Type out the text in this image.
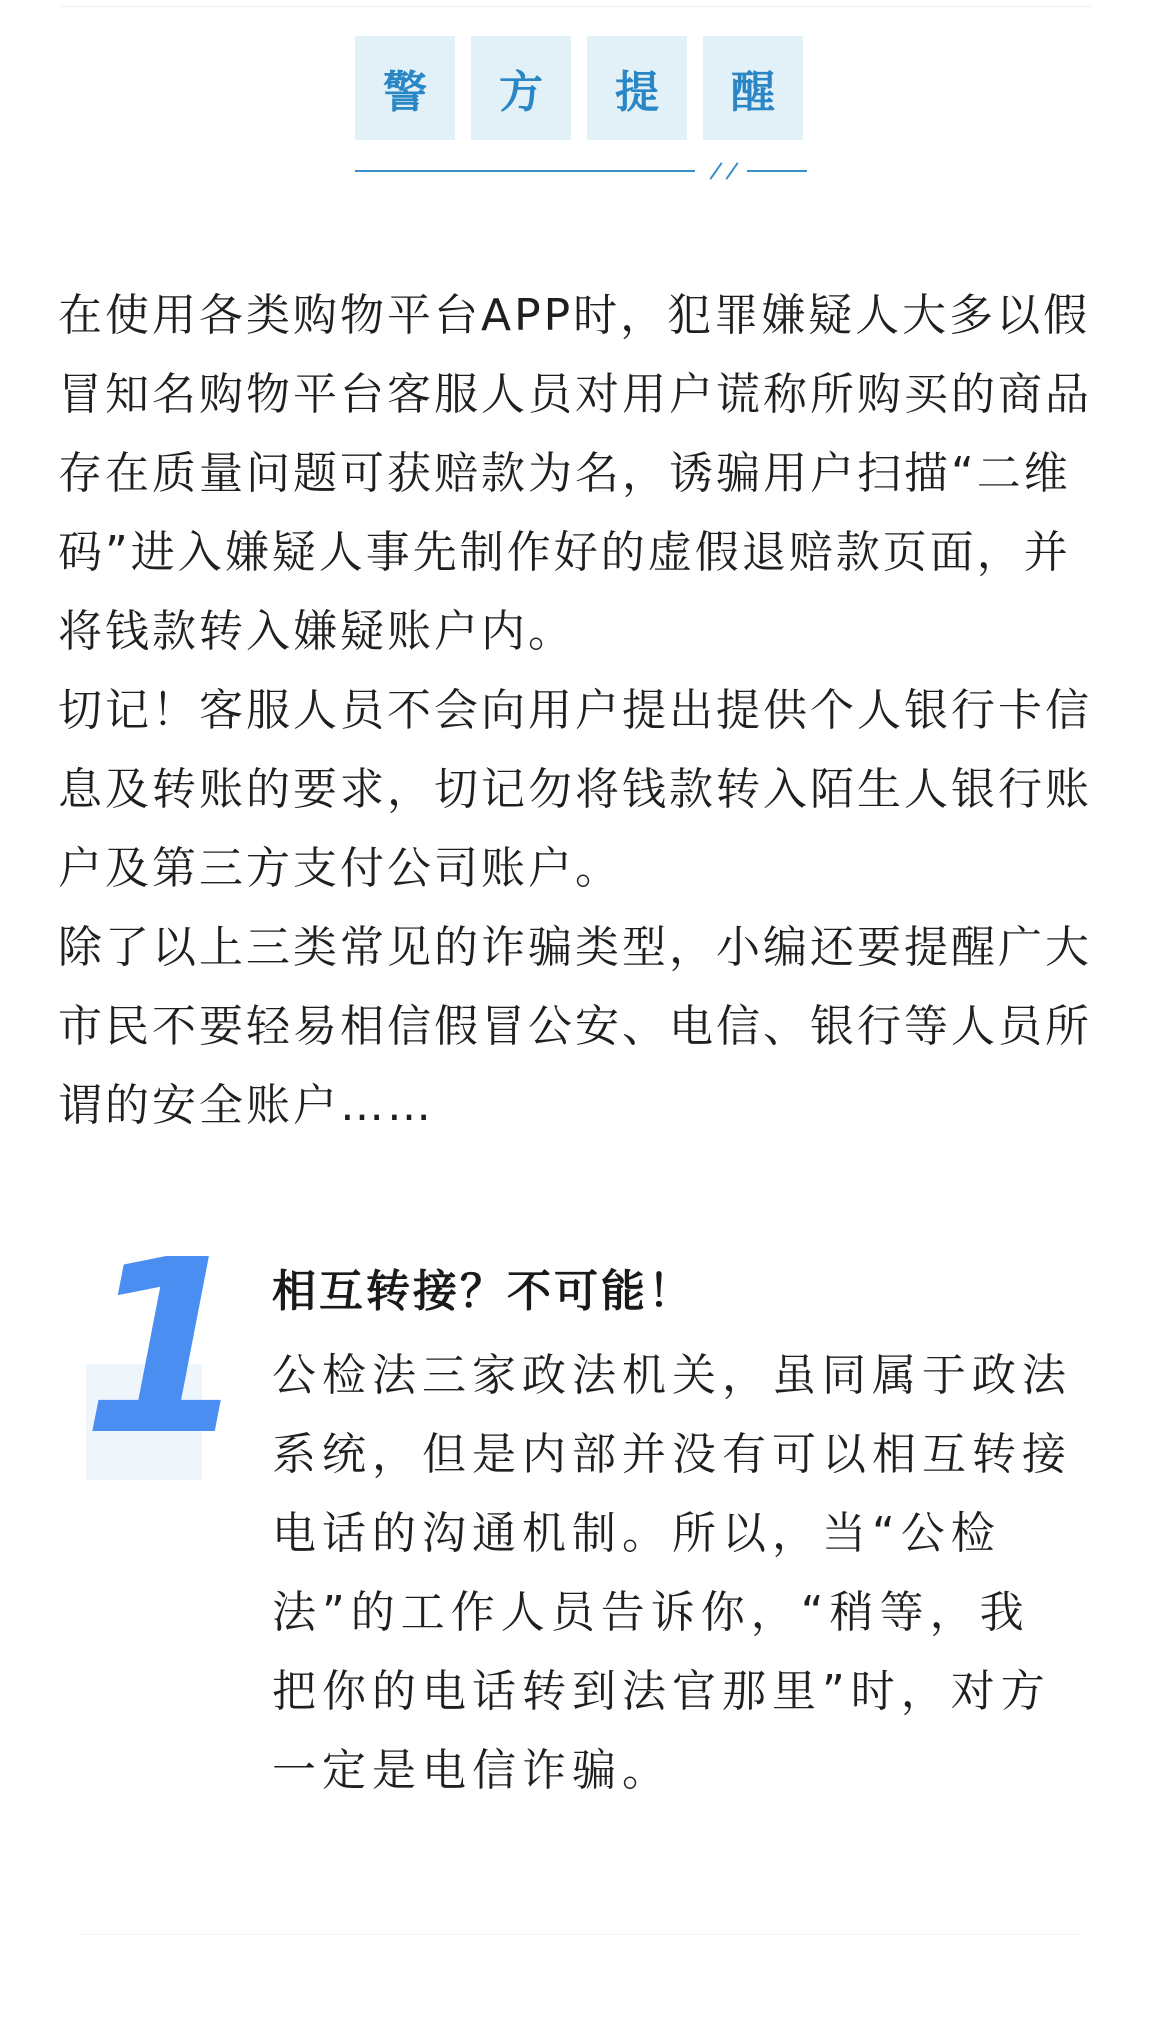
警 方 提 醒

在使用各类购物平台APP时，犯罪嫌疑人大多以假冒知名购物平台客服人员对用户谎称所购买的商品存在质量问题可获赔款为名，诱骗用户扫描“二维码”进入嫌疑人事先制作好的虚假退赔款页面，并将钱款转入嫌疑账户内。

切记！客服人员不会向用户提出提供个人银行卡信息及转账的要求，切记勿将钱款转入陌生人银行账户及第三方支付公司账户。

除了以上三类常见的诈骗类型，小编还要提醒广大市民不要轻易相信假冒公安、电信、银行等人员所谓的安全账户……

1 相互转接？不可能！

公检法三家政法机关，虽同属于政法系统，但是内部并没有可以相互转接电话的沟通机制。所以，当“公检法”的工作人员告诉你，“稍等，我把你的电话转到法官那里”时，对方一定是电信诈骗。
